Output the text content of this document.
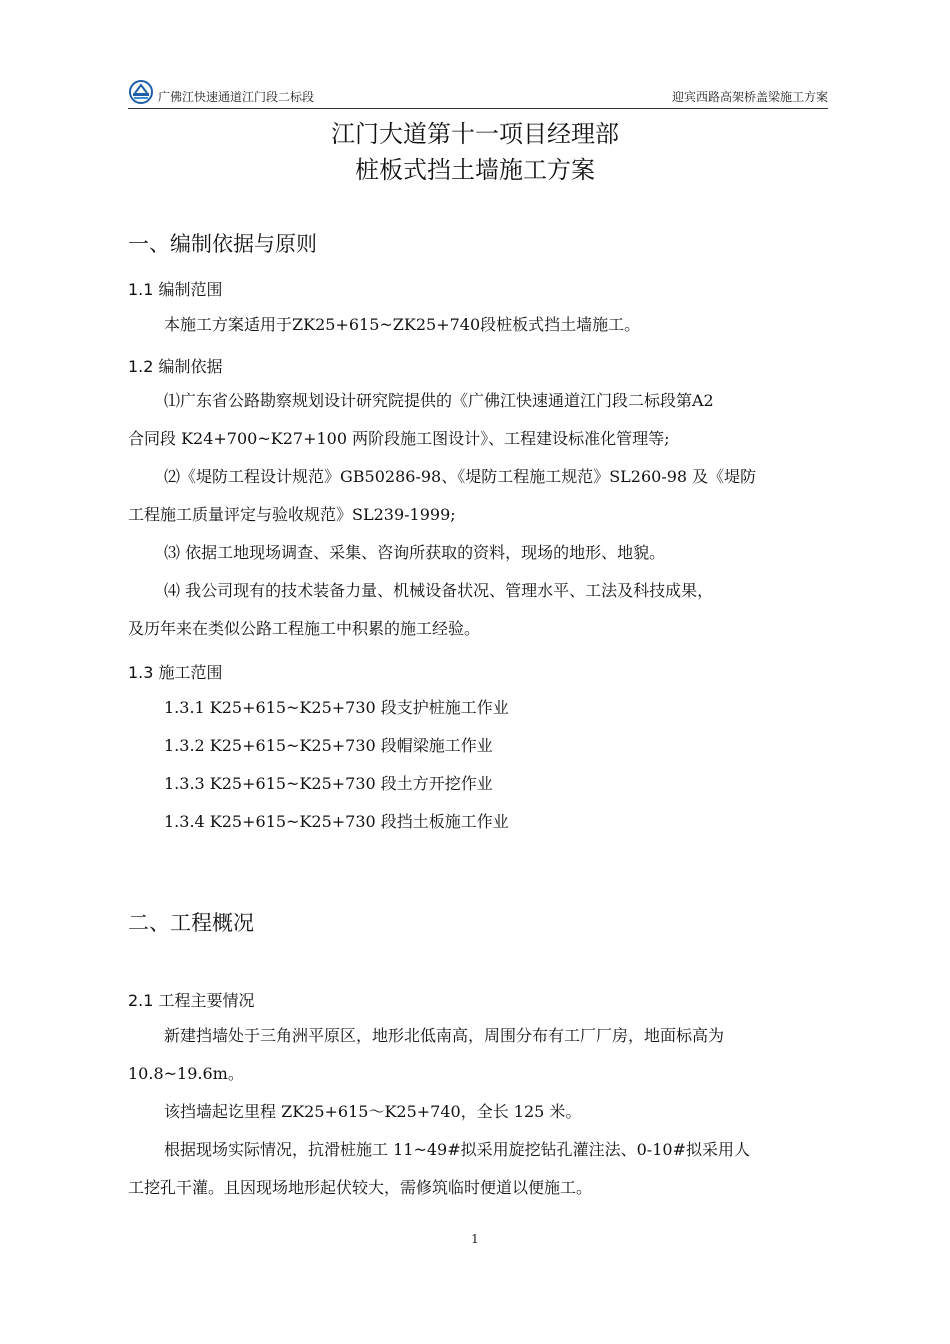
广佛江快速通道江门段二标段	迎宾西路高架桥盖梁施工方案
江门大道第十一项目经理部
桩板式挡土墙施工方案
一、编制依据与原则
1.1 编制范围
本施工方案适用于ZK25+615~ZK25+740段桩板式挡土墙施工。
1.2 编制依据
⑴广东省公路勘察规划设计研究院提供的《广佛江快速通道江门段二标段第A2
合同段 K24+700~K27+100 两阶段施工图设计》、工程建设标准化管理等;
⑵《堤防工程设计规范》GB50286-98、《堤防工程施工规范》SL260-98 及《堤防
工程施工质量评定与验收规范》SL239-1999;
⑶ 依据工地现场调查、采集、咨询所获取的资料，现场的地形、地貌。
⑷ 我公司现有的技术装备力量、机械设备状况、管理水平、工法及科技成果，
及历年来在类似公路工程施工中积累的施工经验。
1.3 施工范围
1.3.1 K25+615~K25+730 段支护桩施工作业
1.3.2 K25+615~K25+730 段帽梁施工作业
1.3.3 K25+615~K25+730 段土方开挖作业
1.3.4 K25+615~K25+730 段挡土板施工作业
二、工程概况
2.1 工程主要情况
新建挡墙处于三角洲平原区，地形北低南高，周围分布有工厂厂房，地面标高为
10.8~19.6m。
该挡墙起讫里程 ZK25+615～K25+740，全长 125 米。
根据现场实际情况，抗滑桩施工 11~49#拟采用旋挖钻孔灌注法、0-10#拟采用人
工挖孔干灌。且因现场地形起伏较大，需修筑临时便道以便施工。
1
